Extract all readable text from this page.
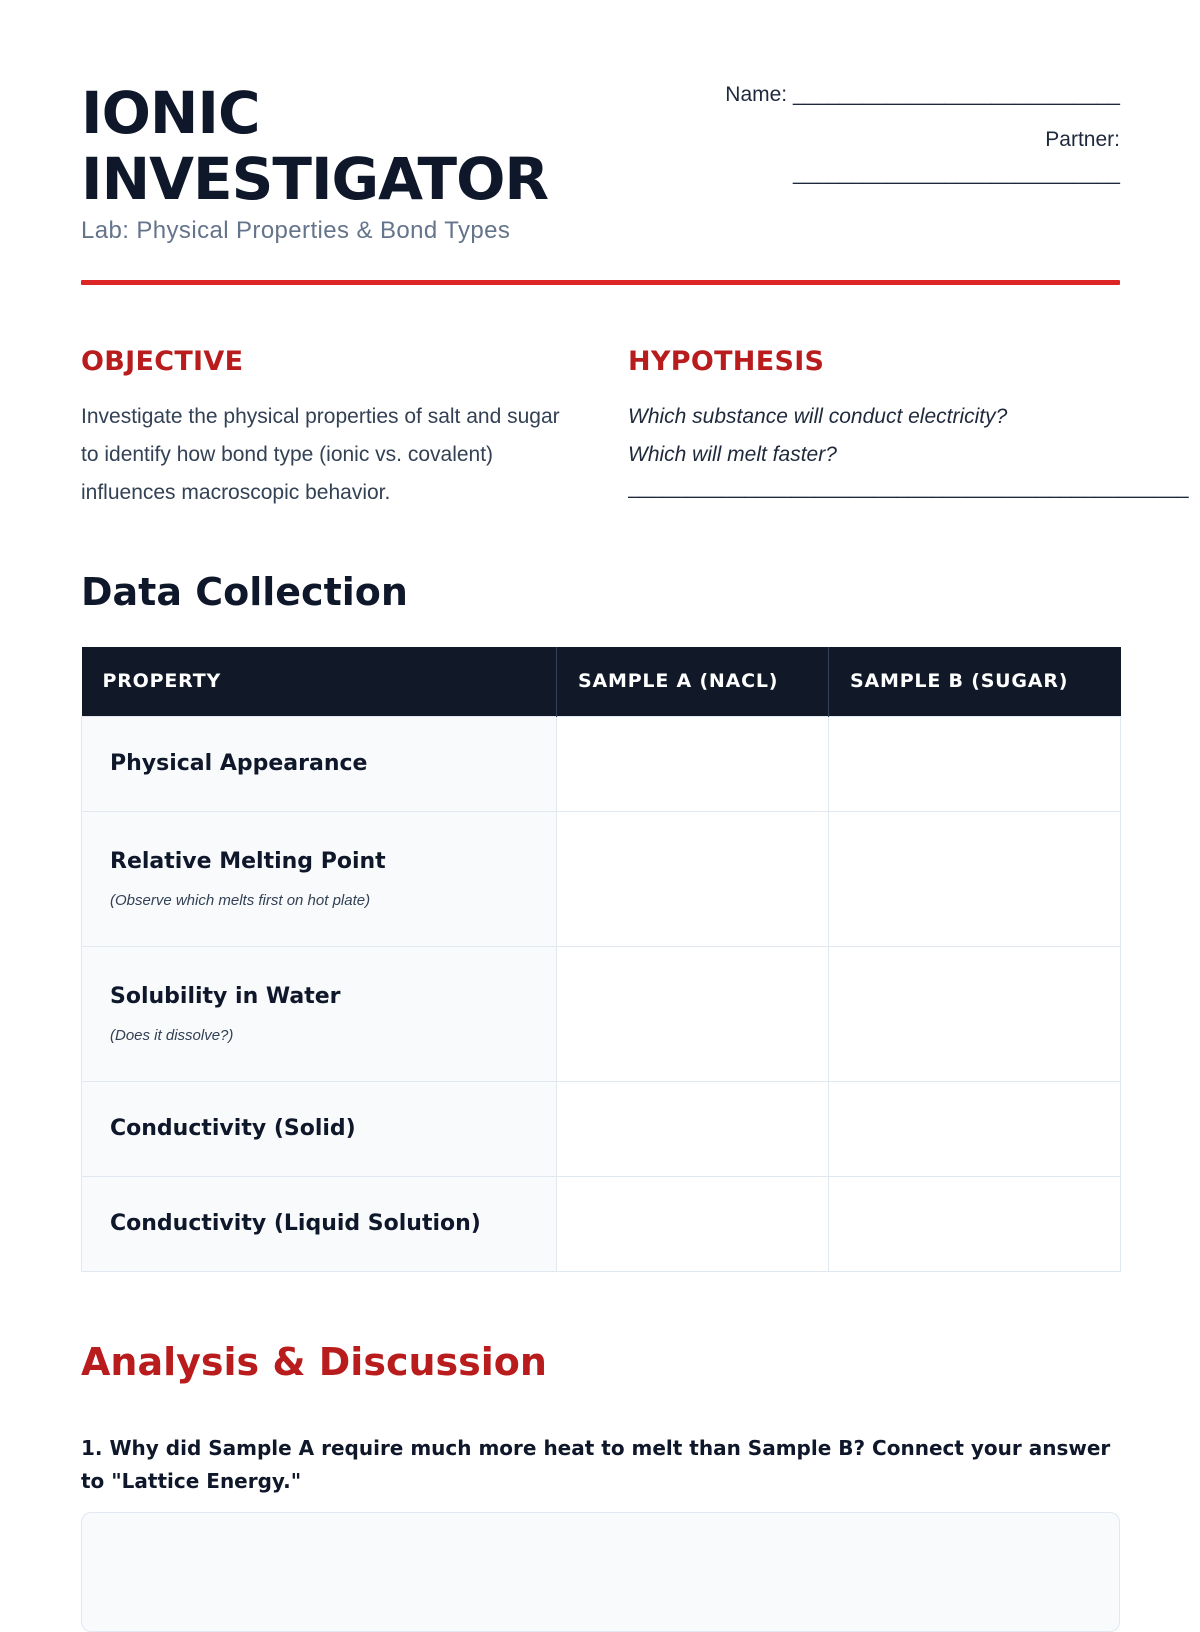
IONIC
INVESTIGATOR
Lab: Physical Properties & Bond Types
Name: ____________________________
Partner:
____________________________
OBJECTIVE
Investigate the physical properties of salt and sugar to identify how bond type (ionic vs. covalent) influences macroscopic behavior.
HYPOTHESIS
Which substance will conduct electricity?
Which will melt faster?
________________________________________________
Data Collection
PROPERTY	SAMPLE A (NACL)	SAMPLE B (SUGAR)

Physical Appearance		

Relative Melting Point
(Observe which melts first on hot plate)		

Solubility in Water
(Does it dissolve?)		

Conductivity (Solid)		

Conductivity (Liquid Solution)		

Analysis & Discussion
1. Why did Sample A require much more heat to melt than Sample B? Connect your answer to "Lattice Energy."
